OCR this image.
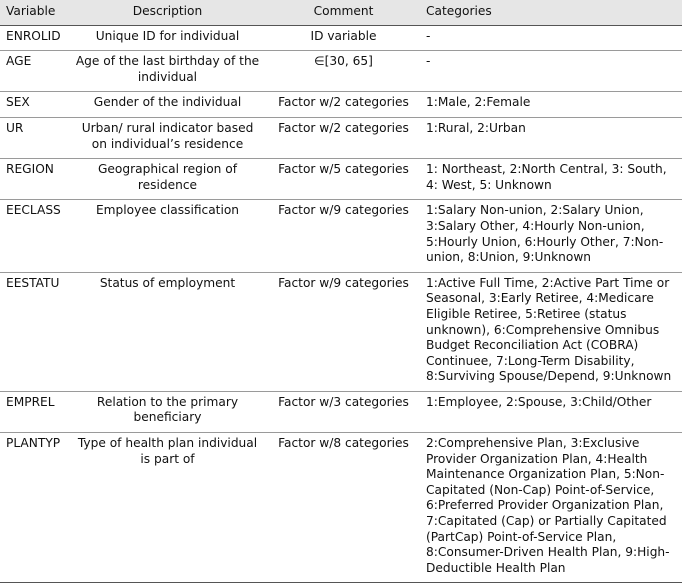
Variable	Description	Comment	Categories
ENROLID	Unique ID for individual	ID variable	-
AGE	Age of the last birthday of the individual	∈[30, 65]	-
SEX	Gender of the individual	Factor w/2 categories	1:Male, 2:Female
UR	Urban/ rural indicator based on individual’s residence	Factor w/2 categories	1:Rural, 2:Urban
REGION	Geographical region of residence	Factor w/5 categories	1: Northeast, 2:North Central, 3: South, 4: West, 5: Unknown
EECLASS	Employee classification	Factor w/9 categories	1:Salary Non-union, 2:Salary Union, 3:Salary Other, 4:Hourly Non-union, 5:Hourly Union, 6:Hourly Other, 7:Non-union, 8:Union, 9:Unknown
EESTATU	Status of employment	Factor w/9 categories	1:Active Full Time, 2:Active Part Time or Seasonal, 3:Early Retiree, 4:Medicare Eligible Retiree, 5:Retiree (status unknown), 6:Comprehensive Omnibus Budget Reconciliation Act (COBRA) Continuee, 7:Long-Term Disability, 8:Surviving Spouse/Depend, 9:Unknown
EMPREL	Relation to the primary beneficiary	Factor w/3 categories	1:Employee, 2:Spouse, 3:Child/Other
PLANTYP	Type of health plan individual is part of	Factor w/8 categories	2:Comprehensive Plan, 3:Exclusive Provider Organization Plan, 4:Health Maintenance Organization Plan, 5:Non-Capitated (Non-Cap) Point-of-Service, 6:Preferred Provider Organization Plan, 7:Capitated (Cap) or Partially Capitated (PartCap) Point-of-Service Plan, 8:Consumer-Driven Health Plan, 9:High-Deductible Health Plan
